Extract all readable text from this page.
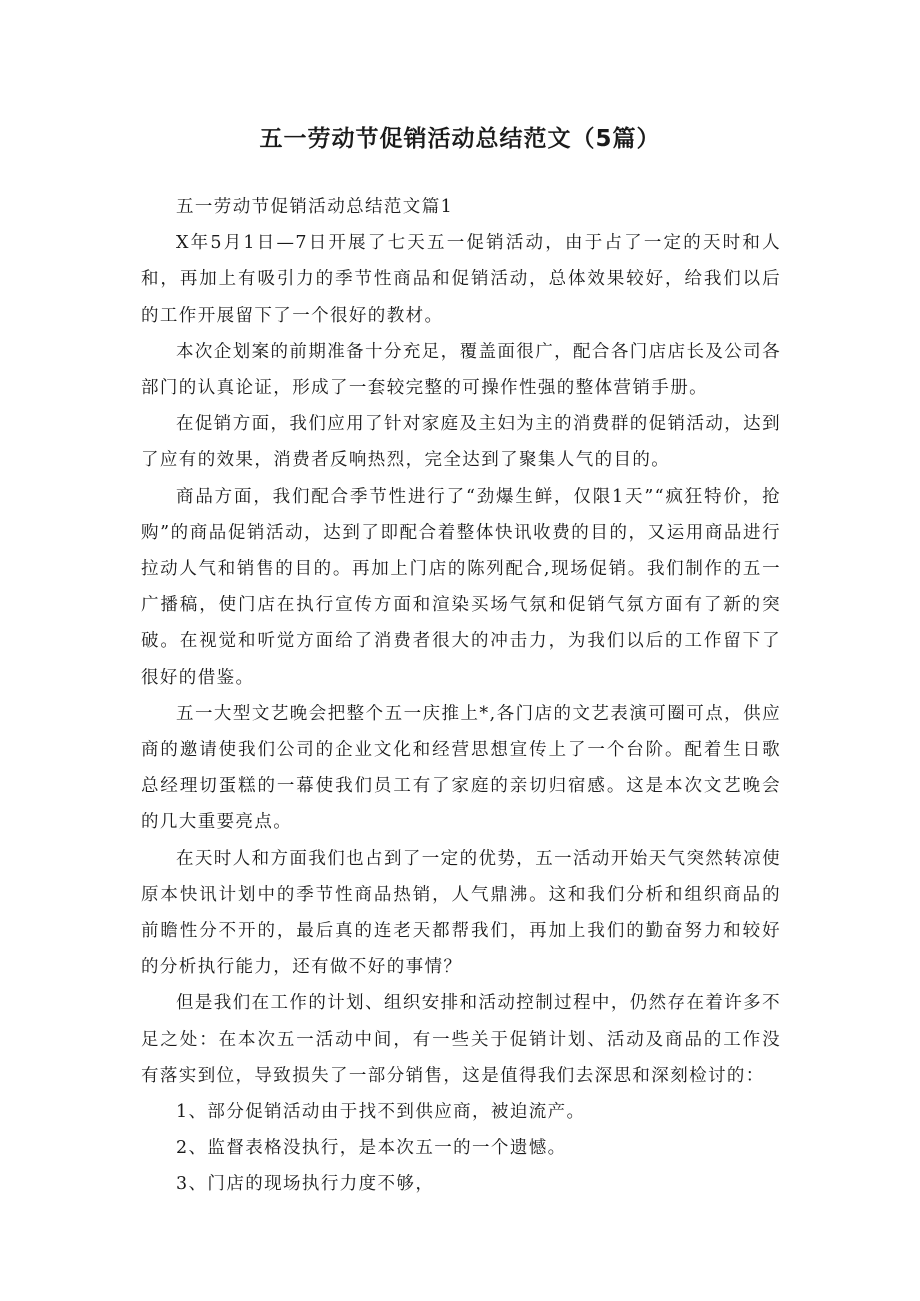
五一劳动节促销活动总结范文（5篇）

五一劳动节促销活动总结范文篇1

X年5月1日—7日开展了七天五一促销活动，由于占了一定的天时和人和，再加上有吸引力的季节性商品和促销活动，总体效果较好，给我们以后的工作开展留下了一个很好的教材。

本次企划案的前期准备十分充足，覆盖面很广，配合各门店店长及公司各部门的认真论证，形成了一套较完整的可操作性强的整体营销手册。

在促销方面，我们应用了针对家庭及主妇为主的消费群的促销活动，达到了应有的效果，消费者反响热烈，完全达到了聚集人气的目的。

商品方面，我们配合季节性进行了“劲爆生鲜，仅限1天”“疯狂特价，抢购”的商品促销活动，达到了即配合着整体快讯收费的目的，又运用商品进行拉动人气和销售的目的。再加上门店的陈列配合,现场促销。我们制作的五一广播稿，使门店在执行宣传方面和渲染买场气氛和促销气氛方面有了新的突破。在视觉和听觉方面给了消费者很大的冲击力，为我们以后的工作留下了很好的借鉴。

五一大型文艺晚会把整个五一庆推上*,各门店的文艺表演可圈可点，供应商的邀请使我们公司的企业文化和经营思想宣传上了一个台阶。配着生日歌总经理切蛋糕的一幕使我们员工有了家庭的亲切归宿感。这是本次文艺晚会的几大重要亮点。

在天时人和方面我们也占到了一定的优势，五一活动开始天气突然转凉使原本快讯计划中的季节性商品热销，人气鼎沸。这和我们分析和组织商品的前瞻性分不开的，最后真的连老天都帮我们，再加上我们的勤奋努力和较好的分析执行能力，还有做不好的事情？

但是我们在工作的计划、组织安排和活动控制过程中，仍然存在着许多不足之处：在本次五一活动中间，有一些关于促销计划、活动及商品的工作没有落实到位，导致损失了一部分销售，这是值得我们去深思和深刻检讨的：

1、部分促销活动由于找不到供应商，被迫流产。

2、监督表格没执行，是本次五一的一个遗憾。

3、门店的现场执行力度不够，
